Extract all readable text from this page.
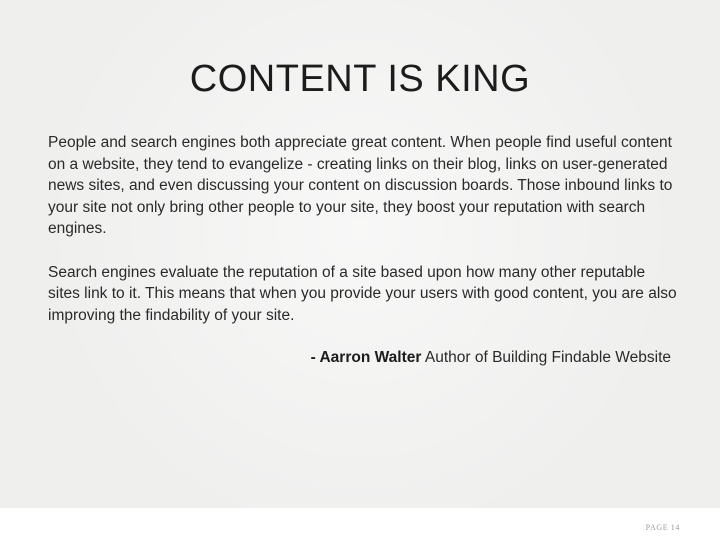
CONTENT IS KING

People and search engines both appreciate great content. When people find useful content on a website, they tend to evangelize - creating links on their blog, links on user-generated news sites, and even discussing your content on discussion boards. Those inbound links to your site not only bring other people to your site, they boost your reputation with search engines.

Search engines evaluate the reputation of a site based upon how many other reputable sites link to it. This means that when you provide your users with good content, you are also improving the findability of your site.

- Aarron Walter Author of Building Findable Website
PAGE 14
